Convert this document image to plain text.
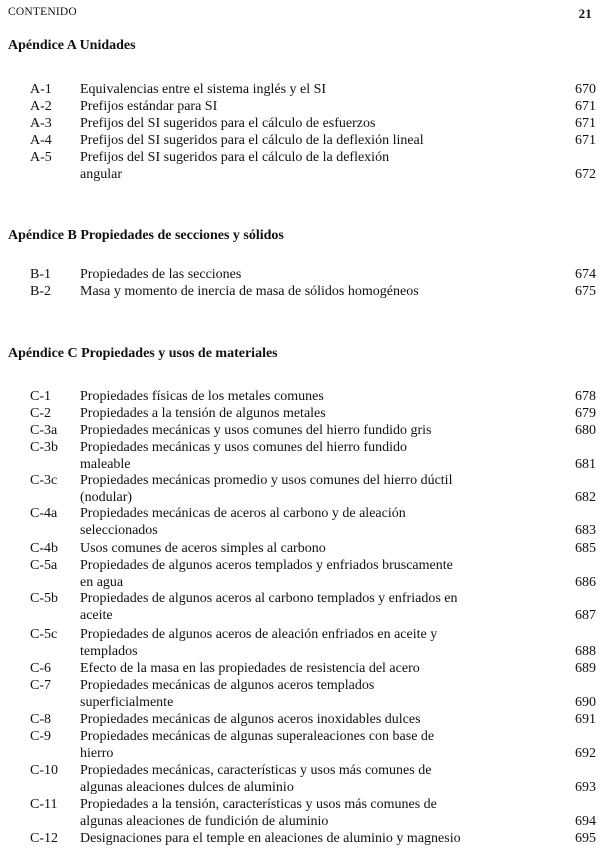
CONTENIDO	21
Apéndice A Unidades
A-1	Equivalencias entre el sistema inglés y el SI	670
A-2	Prefijos estándar para SI	671
A-3	Prefijos del SI sugeridos para el cálculo de esfuerzos	671
A-4	Prefijos del SI sugeridos para el cálculo de la deflexión lineal	671
A-5	Prefijos del SI sugeridos para el cálculo de la deflexión
angular	672
Apéndice B Propiedades de secciones y sólidos
B-1	Propiedades de las secciones	674
B-2	Masa y momento de inercia de masa de sólidos homogéneos	675
Apéndice C Propiedades y usos de materiales
C-1	Propiedades físicas de los metales comunes	678
C-2	Propiedades a la tensión de algunos metales	679
C-3a	Propiedades mecánicas y usos comunes del hierro fundido gris	680
C-3b	Propiedades mecánicas y usos comunes del hierro fundido
maleable	681
C-3c	Propiedades mecánicas promedio y usos comunes del hierro dúctil
(nodular)	682
C-4a	Propiedades mecánicas de aceros al carbono y de aleación
seleccionados	683
C-4b	Usos comunes de aceros simples al carbono	685
C-5a	Propiedades de algunos aceros templados y enfriados bruscamente
en agua	686
C-5b	Propiedades de algunos aceros al carbono templados y enfriados en
aceite	687
C-5c	Propiedades de algunos aceros de aleación enfriados en aceite y
templados	688
C-6	Efecto de la masa en las propiedades de resistencia del acero	689
C-7	Propiedades mecánicas de algunos aceros templados
superficialmente	690
C-8	Propiedades mecánicas de algunos aceros inoxidables dulces	691
C-9	Propiedades mecánicas de algunas superaleaciones con base de
hierro	692
C-10	Propiedades mecánicas, características y usos más comunes de
algunas aleaciones dulces de aluminio	693
C-11	Propiedades a la tensión, características y usos más comunes de
algunas aleaciones de fundición de aluminio	694
C-12	Designaciones para el temple en aleaciones de aluminio y magnesio	695
